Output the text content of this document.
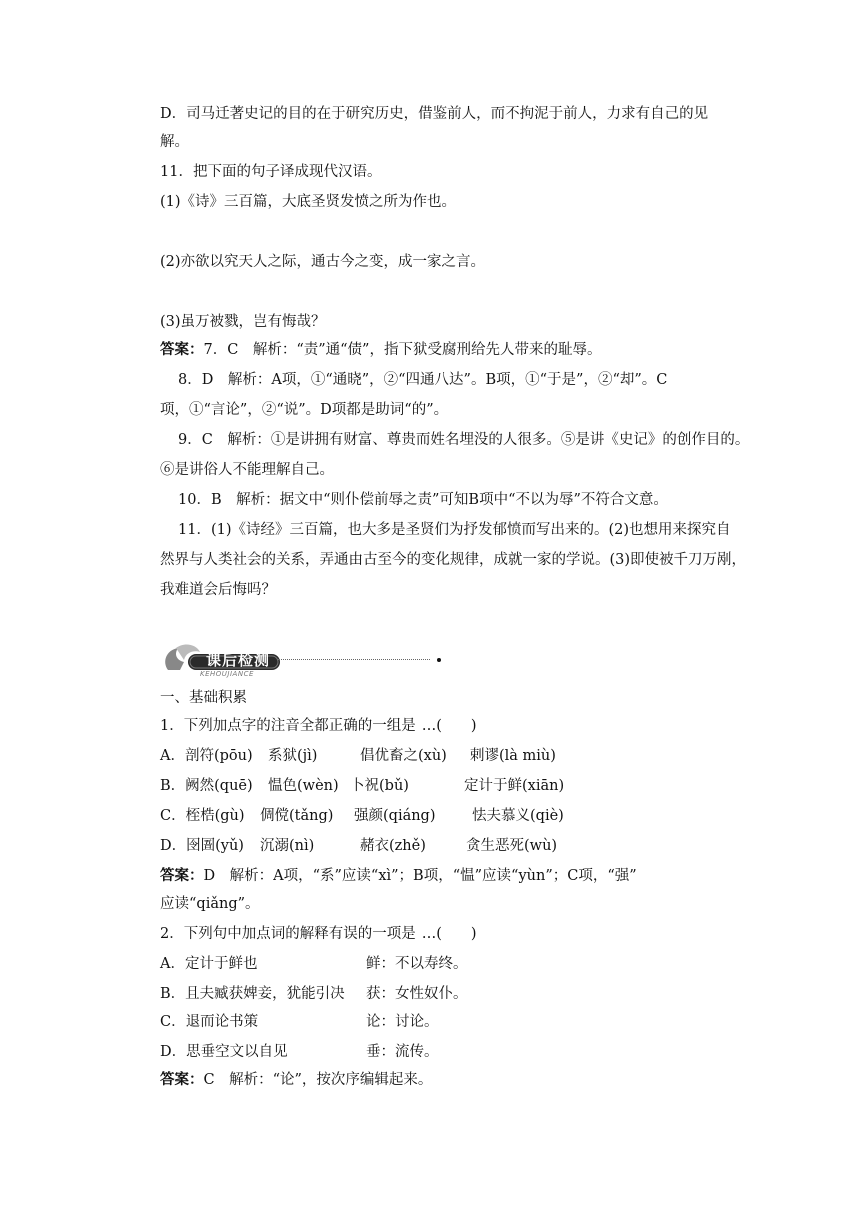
D．司马迁著史记的目的在于研究历史，借鉴前人，而不拘泥于前人，力求有自己的见
解。
11．把下面的句子译成现代汉语。
(1)《诗》三百篇，大底圣贤发愤之所为作也。
(2)亦欲以究天人之际，通古今之变，成一家之言。
(3)虽万被戮，岂有悔哉？
答案：7．C　解析：“责”通“债”，指下狱受腐刑给先人带来的耻辱。
8．D　解析：A项，①“通晓”，②“四通八达”。B项，①“于是”，②“却”。C
项，①“言论”，②“说”。D项都是助词“的”。
9．C　解析：①是讲拥有财富、尊贵而姓名埋没的人很多。⑤是讲《史记》的创作目的。
⑥是讲俗人不能理解自己。
10．B　解析：据文中“则仆偿前辱之责”可知B项中“不以为辱”不符合文意。
11．(1)《诗经》三百篇，也大多是圣贤们为抒发郁愤而写出来的。(2)也想用来探究自
然界与人类社会的关系，弄通由古至今的变化规律，成就一家的学说。(3)即使被千刀万剐，
我难道会后悔吗？
课后检测
KEHOUJIANCE
一、基础积累
1．下列加点字的注音全都正确的一组是 …(　　)
A．剖符(pōu) 系狱(jì)	倡优畜之(xù) 剌谬(là miù)
B．阙然(quē) 愠色(wèn) 卜祝(bǔ)	定计于鲜(xiān)
C．桎梏(gù) 倜傥(tǎng) 强颜(qiáng)	怯夫慕义(qiè)
D．囹圄(yǔ) 沉溺(nì)	赭衣(zhě)	贪生恶死(wù)
答案：D　解析：A项，“系”应读“xì”；B项，“愠”应读“yùn”；C项，“强”
应读“qiǎng”。
2．下列句中加点词的解释有误的一项是 …(　　)
A．定计于鲜也	鲜：不以寿终。
B．且夫臧获婢妾，犹能引决 获：女性奴仆。
C．退而论书策	论：讨论。
D．思垂空文以自见	垂：流传。
答案：C　解析：“论”，按次序编辑起来。
